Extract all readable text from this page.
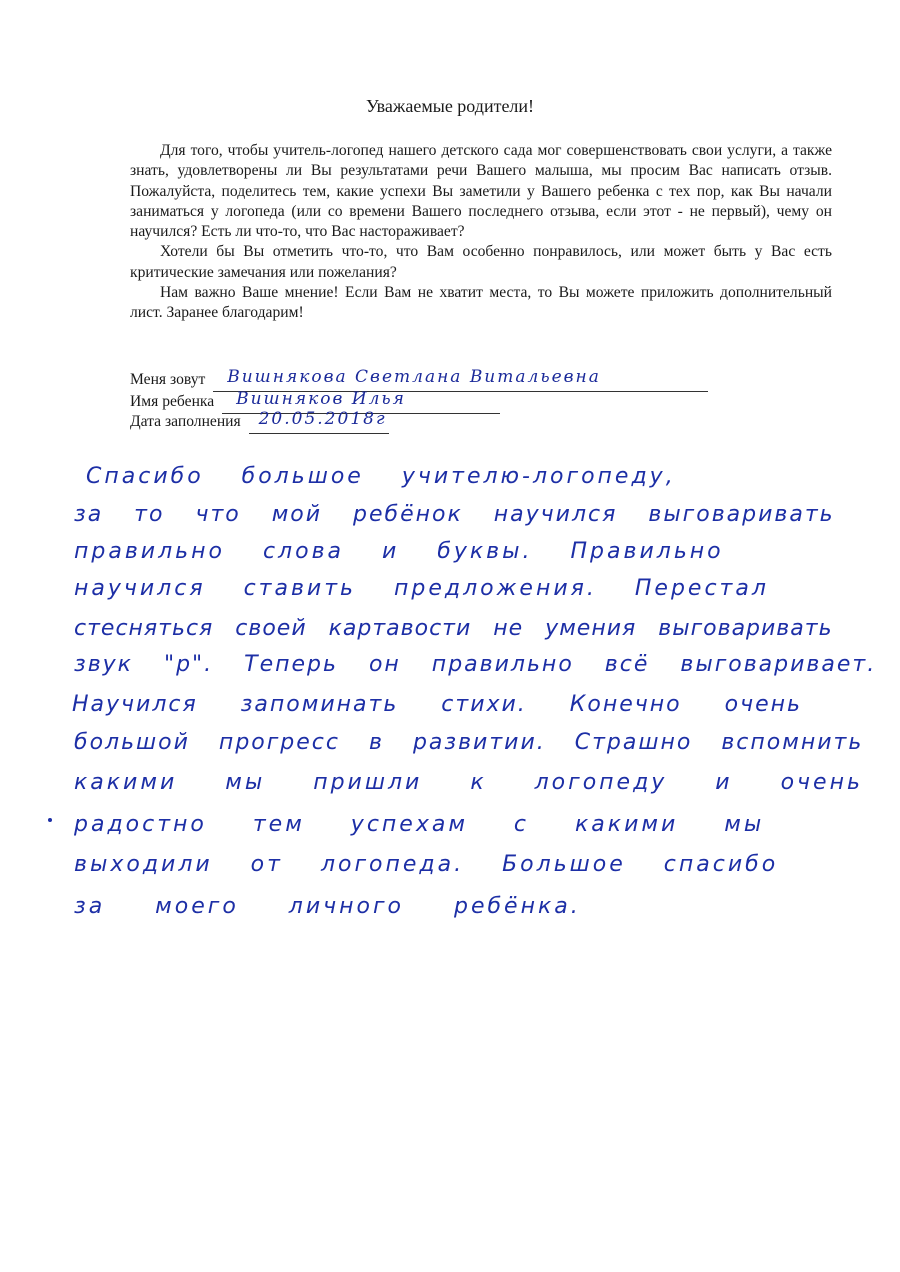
Уважаемые родители!

Для того, чтобы учитель-логопед нашего детского сада мог совершенствовать свои услуги, а также знать, удовлетворены ли Вы результатами речи Вашего малыша, мы просим Вас написать отзыв. Пожалуйста, поделитесь тем, какие успехи Вы заметили у Вашего ребенка с тех пор, как Вы начали заниматься у логопеда (или со времени Вашего последнего отзыва, если этот - не первый), чему он научился? Есть ли что-то, что Вас настораживает?

Хотели бы Вы отметить что-то, что Вам особенно понравилось, или может быть у Вас есть критические замечания или пожелания?

Нам важно Ваше мнение! Если Вам не хватит места, то Вы можете приложить дополнительный лист. Заранее благодарим!

Меня зовут Вишнякова Светлана Витальевна
Имя ребенка Вишняков Илья
Дата заполнения 20.05.2018г
Спасибо большое учителю-логопеду,
за то что мой ребёнок научился выговаривать
правильно слова и буквы. Правильно
научился ставить предложения. Перестал
стесняться своей картавости не умения выговаривать
звук "р". Теперь он правильно всё выговаривает.
Научился запоминать стихи. Конечно очень
большой прогресс в развитии. Страшно вспомнить
какими мы пришли к логопеду и очень
радостно тем успехам с какими мы
выходили от логопеда. Большое спасибо
за моего личного ребёнка.
